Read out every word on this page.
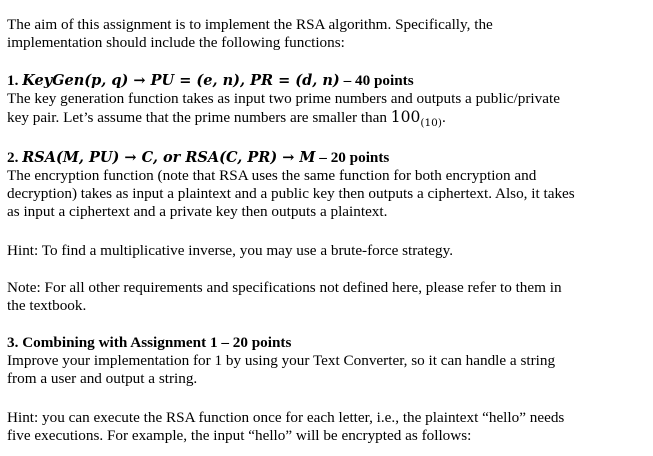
The aim of this assignment is to implement the RSA algorithm. Specifically, the
implementation should include the following functions:
1. KeyGen(p, q) → PU = (e, n), PR = (d, n) – 40 points
The key generation function takes as input two prime numbers and outputs a public/private
key pair. Let’s assume that the prime numbers are smaller than $100_{(10)}$.
2. RSA(M, PU) → C, or RSA(C, PR) → M – 20 points
The encryption function (note that RSA uses the same function for both encryption and
decryption) takes as input a plaintext and a public key then outputs a ciphertext. Also, it takes
as input a ciphertext and a private key then outputs a plaintext.
Hint: To find a multiplicative inverse, you may use a brute-force strategy.
Note: For all other requirements and specifications not defined here, please refer to them in
the textbook.
3. Combining with Assignment 1 – 20 points
Improve your implementation for 1 by using your Text Converter, so it can handle a string
from a user and output a string.
Hint: you can execute the RSA function once for each letter, i.e., the plaintext “hello” needs
five executions. For example, the input “hello” will be encrypted as follows:
